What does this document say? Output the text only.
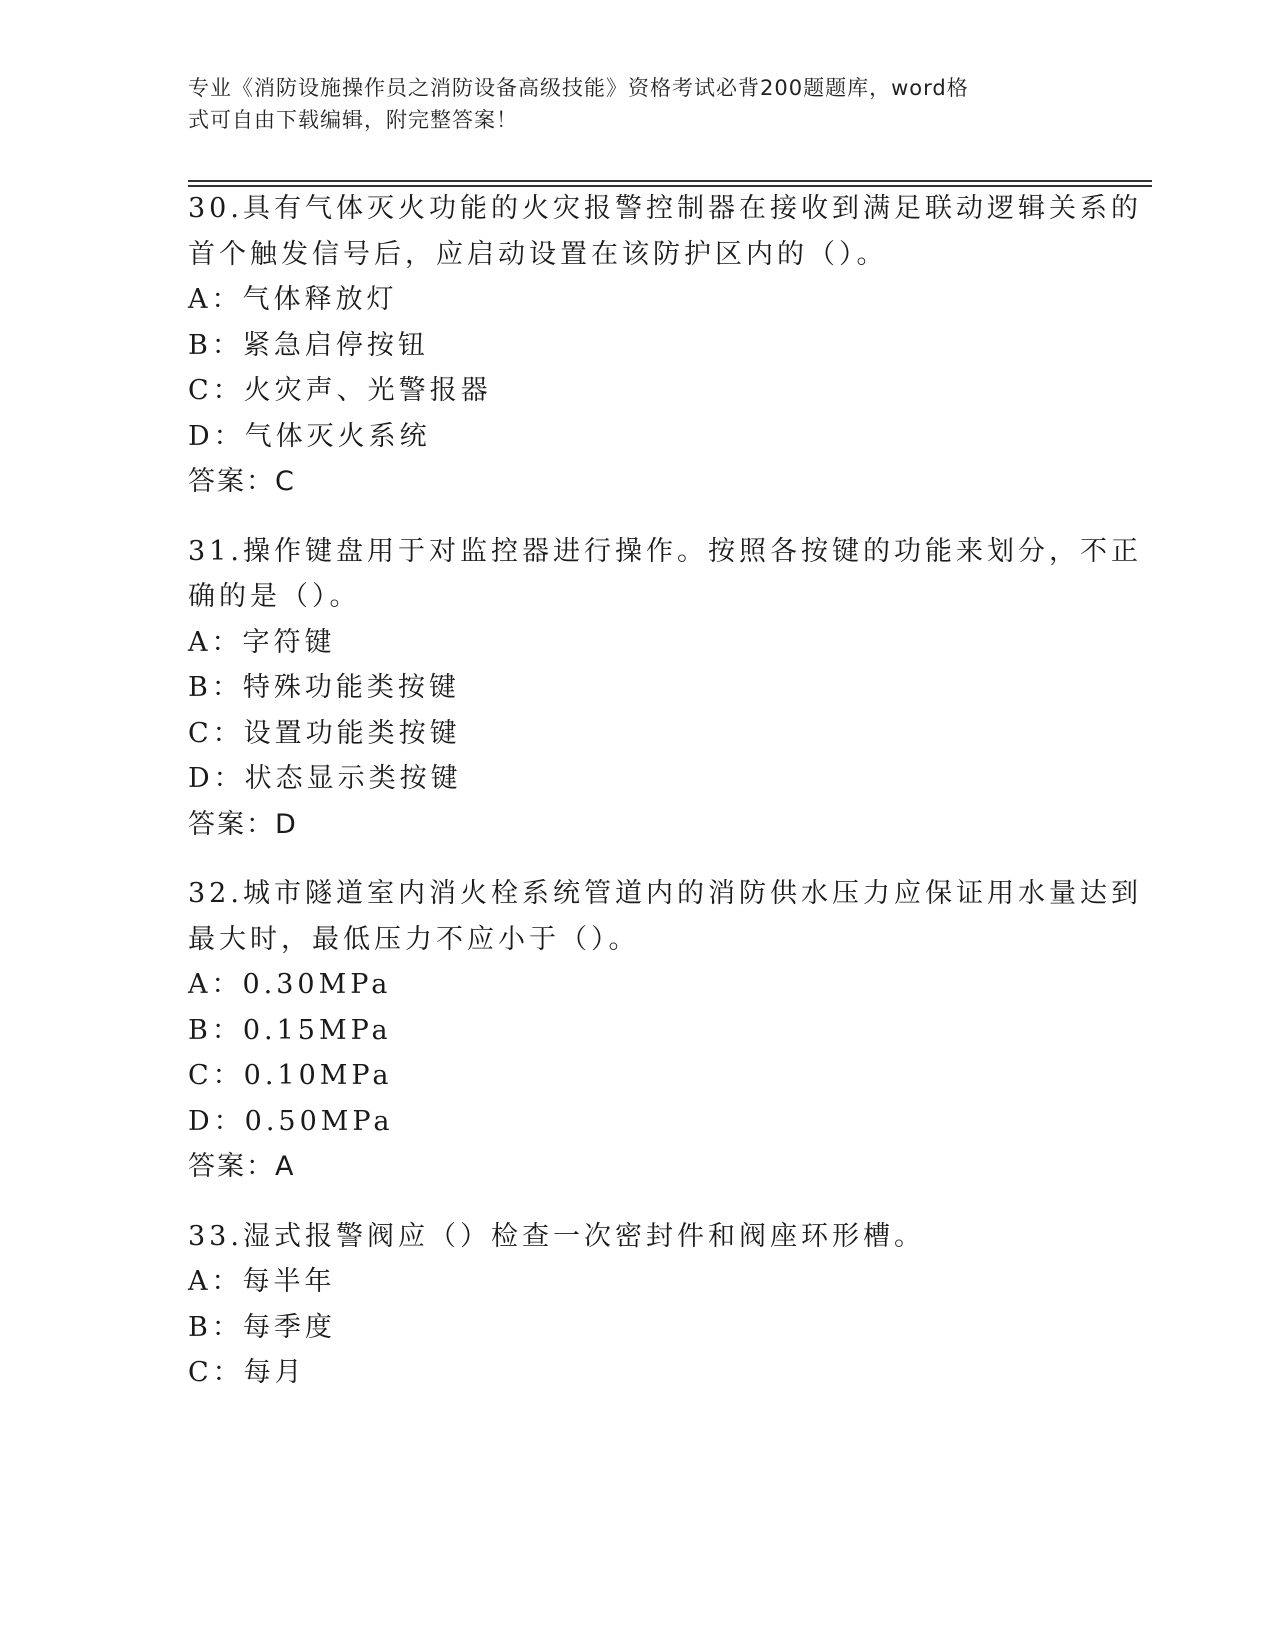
专业《消防设施操作员之消防设备高级技能》资格考试必背200题题库，word格
式可自由下载编辑，附完整答案！
30.具有气体灭火功能的火灾报警控制器在接收到满足联动逻辑关系的
首个触发信号后，应启动设置在该防护区内的（）。
A：气体释放灯
B：紧急启停按钮
C：火灾声、光警报器
D：气体灭火系统
答案：C
31.操作键盘用于对监控器进行操作。按照各按键的功能来划分，不正
确的是（）。
A：字符键
B：特殊功能类按键
C：设置功能类按键
D：状态显示类按键
答案：D
32.城市隧道室内消火栓系统管道内的消防供水压力应保证用水量达到
最大时，最低压力不应小于（）。
A：0.30MPa
B：0.15MPa
C：0.10MPa
D：0.50MPa
答案：A
33.湿式报警阀应（）检查一次密封件和阀座环形槽。
A：每半年
B：每季度
C：每月
